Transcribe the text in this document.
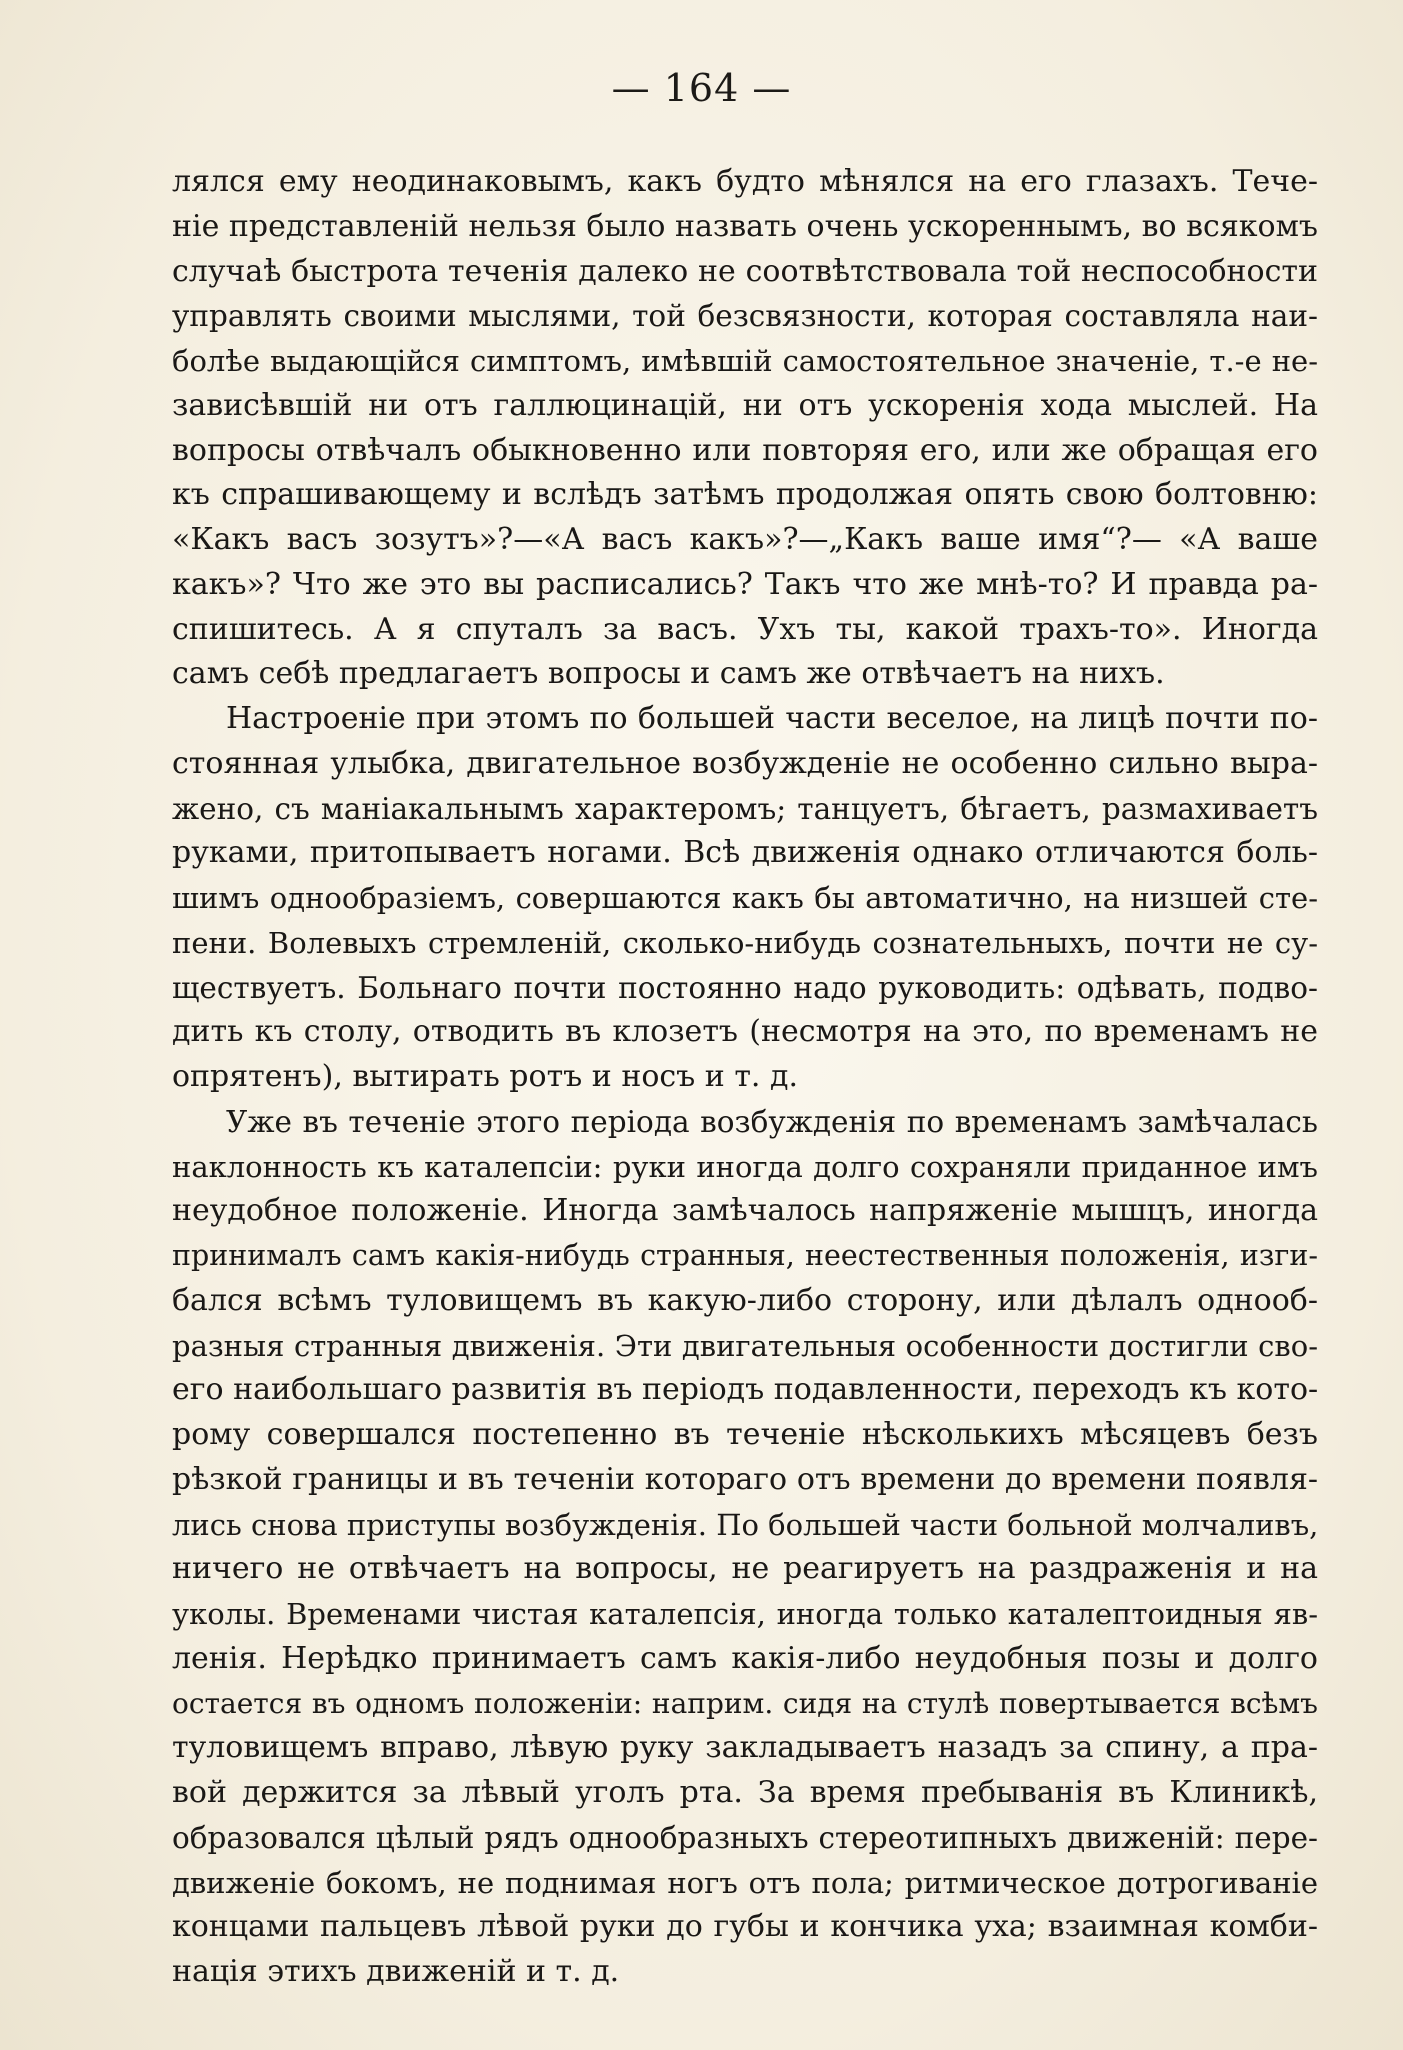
— 164 —
лялся ему неодинаковымъ, какъ будто мѣнялся на его глазахъ. Тече-
ніе представленій нельзя было назвать очень ускореннымъ, во всякомъ
случаѣ быстрота теченія далеко не соотвѣтствовала той неспособности
управлять своими мыслями, той безсвязности, которая составляла наи-
болѣе выдающійся симптомъ, имѣвшій самостоятельное значеніе, т.-е не-
зависѣвшій ни отъ галлюцинацій, ни отъ ускоренія хода мыслей. На
вопросы отвѣчалъ обыкновенно или повторяя его, или же обращая его
къ спрашивающему и вслѣдъ затѣмъ продолжая опять свою болтовню:
«Какъ васъ зозутъ»?—«А васъ какъ»?—„Какъ ваше имя“?— «А ваше
какъ»? Что же это вы расписались? Такъ что же мнѣ-то? И правда ра-
спишитесь. А я спуталъ за васъ. Ухъ ты, какой трахъ-то». Иногда
самъ себѣ предлагаетъ вопросы и самъ же отвѣчаетъ на нихъ.
Настроеніе при этомъ по большей части веселое, на лицѣ почти по-
стоянная улыбка, двигательное возбужденіе не особенно сильно выра-
жено, съ маніакальнымъ характеромъ; танцуетъ, бѣгаетъ, размахиваетъ
руками, притопываетъ ногами. Всѣ движенія однако отличаются боль-
шимъ однообразіемъ, совершаются какъ бы автоматично, на низшей сте-
пени. Волевыхъ стремленій, сколько-нибудь сознательныхъ, почти не су-
ществуетъ. Больнаго почти постоянно надо руководить: одѣвать, подво-
дить къ столу, отводить въ клозетъ (несмотря на это, по временамъ не
опрятенъ), вытирать ротъ и носъ и т. д.
Уже въ теченіе этого періода возбужденія по временамъ замѣчалась
наклонность къ каталепсіи: руки иногда долго сохраняли приданное имъ
неудобное положеніе. Иногда замѣчалось напряженіе мышцъ, иногда
принималъ самъ какія-нибудь странныя, неестественныя положенія, изги-
бался всѣмъ туловищемъ въ какую-либо сторону, или дѣлалъ однооб-
разныя странныя движенія. Эти двигательныя особенности достигли сво-
его наибольшаго развитія въ періодъ подавленности, переходъ къ кото-
рому совершался постепенно въ теченіе нѣсколькихъ мѣсяцевъ безъ
рѣзкой границы и въ теченіи котораго отъ времени до времени появля-
лись снова приступы возбужденія. По большей части больной молчаливъ,
ничего не отвѣчаетъ на вопросы, не реагируетъ на раздраженія и на
уколы. Временами чистая каталепсія, иногда только каталептоидныя яв-
ленія. Нерѣдко принимаетъ самъ какія-либо неудобныя позы и долго
остается въ одномъ положеніи: наприм. сидя на стулѣ повертывается всѣмъ
туловищемъ вправо, лѣвую руку закладываетъ назадъ за спину, а пра-
вой держится за лѣвый уголъ рта. За время пребыванія въ Клиникѣ,
образовался цѣлый рядъ однообразныхъ стереотипныхъ движеній: пере-
движеніе бокомъ, не поднимая ногъ отъ пола; ритмическое дотрогиваніе
концами пальцевъ лѣвой руки до губы и кончика уха; взаимная комби-
нація этихъ движеній и т. д.
